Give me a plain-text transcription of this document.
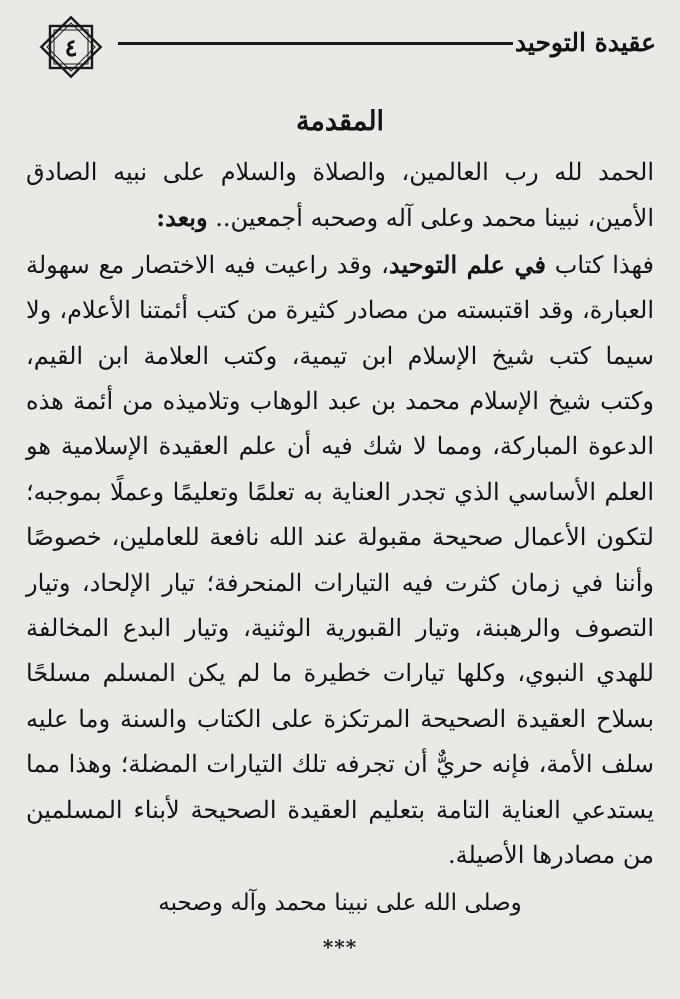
٤	عقيدة التوحيد
المقدمة

الحمد لله رب العالمين، والصلاة والسلام على نبيه الصادق الأمين، نبينا محمد وعلى آله وصحبه أجمعين.. وبعد:

فهذا كتاب في علم التوحيد، وقد راعيت فيه الاختصار مع سهولة العبارة، وقد اقتبسته من مصادر كثيرة من كتب أئمتنا الأعلام، ولا سيما كتب شيخ الإسلام ابن تيمية، وكتب العلامة ابن القيم، وكتب شيخ الإسلام محمد بن عبد الوهاب وتلاميذه من أئمة هذه الدعوة المباركة، ومما لا شك فيه أن علم العقيدة الإسلامية هو العلم الأساسي الذي تجدر العناية به تعلمًا وتعليمًا وعملًا بموجبه؛ لتكون الأعمال صحيحة مقبولة عند الله نافعة للعاملين، خصوصًا وأننا في زمان كثرت فيه التيارات المنحرفة؛ تيار الإلحاد، وتيار التصوف والرهبنة، وتيار القبورية الوثنية، وتيار البدع المخالفة للهدي النبوي، وكلها تيارات خطيرة ما لم يكن المسلم مسلحًا بسلاح العقيدة الصحيحة المرتكزة على الكتاب والسنة وما عليه سلف الأمة، فإنه حريٌّ أن تجرفه تلك التيارات المضلة؛ وهذا مما يستدعي العناية التامة بتعليم العقيدة الصحيحة لأبناء المسلمين من مصادرها الأصيلة.

وصلى الله على نبينا محمد وآله وصحبه
***
